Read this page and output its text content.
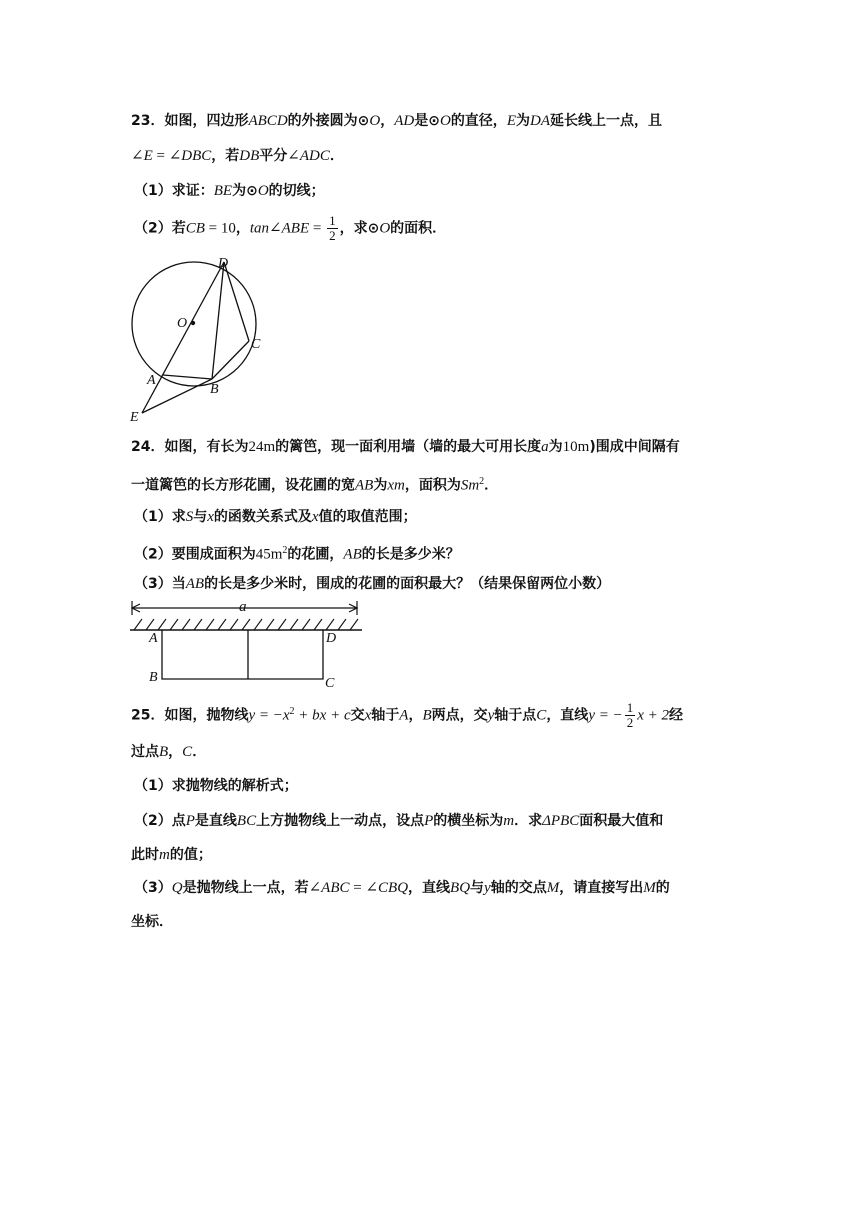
23．如图，四边形ABCD的外接圆为⊙O，AD是⊙O的直径，E为DA延长线上一点，且
∠E = ∠DBC，若DB平分∠ADC．
（1）求证：BE为⊙O的切线；
（2）若CB = 10，tan∠ABE = $\frac{1}{2}$ ，求⊙O的面积．
D
O
C
A
B
E
24．如图，有长为24m的篱笆，现一面利用墙（墙的最大可用长度a为10m)围成中间隔有
一道篱笆的长方形花圃，设花圃的宽AB为xm，面积为Sm$^2$．
（1）求S与x的函数关系式及x值的取值范围；
（2）要围成面积为$45m^2$的花圃，AB的长是多少米？
（3）当AB的长是多少米时，围成的花圃的面积最大？（结果保留两位小数）
a
A	D
B	C
25．如图，抛物线$y = -x^2$ + bx + c交x轴于A，B两点，交y轴于点C，直线y = − $\frac{1}{2}$ x + 2经
过点B，C．
（1）求抛物线的解析式；
（2）点P是直线BC上方抛物线上一动点，设点P的横坐标为m．求ΔPBC面积最大值和
此时m的值；
（3）Q是抛物线上一点，若∠ABC = ∠CBQ，直线BQ与y轴的交点M，请直接写出M的
坐标．
